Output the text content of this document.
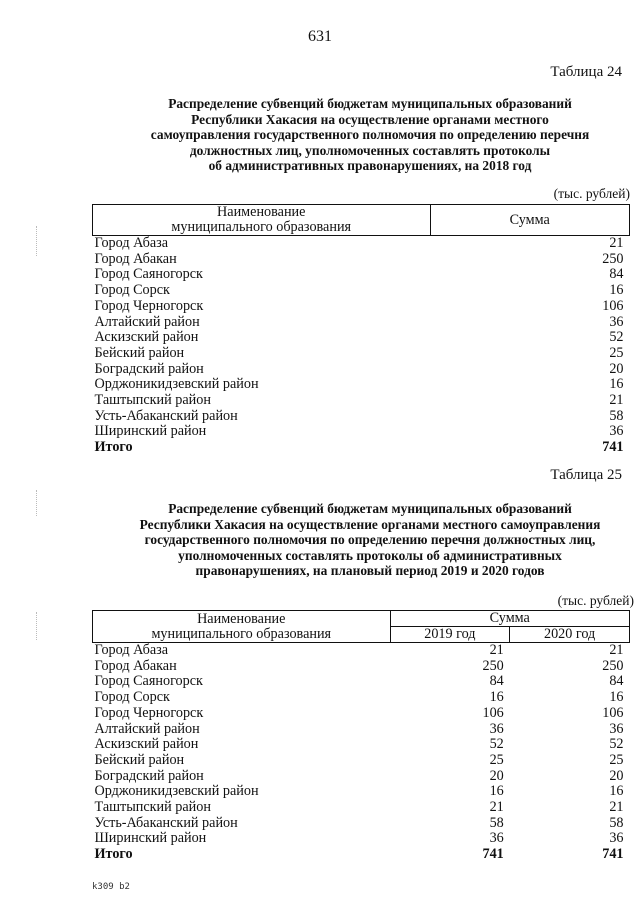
631
Таблица 24
Распределение субвенций бюджетам муниципальных образований
Республики Хакасия на осуществление органами местного
самоуправления государственного полномочия по определению перечня
должностных лиц, уполномоченных составлять протоколы
об административных правонарушениях, на 2018 год
(тыс. рублей)
Наименование
муниципального образования	Сумма
Город Абаза	21
Город Абакан	250
Город Саяногорск	84
Город Сорск	16
Город Черногорск	106
Алтайский район	36
Аскизский район	52
Бейский район	25
Боградский район	20
Орджоникидзевский район	16
Таштыпский район	21
Усть-Абаканский район	58
Ширинский район	36
Итого	741
Таблица 25
Распределение субвенций бюджетам муниципальных образований
Республики Хакасия на осуществление органами местного самоуправления
государственного полномочия по определению перечня должностных лиц,
уполномоченных составлять протоколы об административных
правонарушениях, на плановый период 2019 и 2020 годов
(тыс. рублей)
Наименование
муниципального образования	Сумма	
	2019 год	2020 год
Город Абаза	21	21
Город Абакан	250	250
Город Саяногорск	84	84
Город Сорск	16	16
Город Черногорск	106	106
Алтайский район	36	36
Аскизский район	52	52
Бейский район	25	25
Боградский район	20	20
Орджоникидзевский район	16	16
Таштыпский район	21	21
Усть-Абаканский район	58	58
Ширинский район	36	36
Итого	741	741
k309 b2
